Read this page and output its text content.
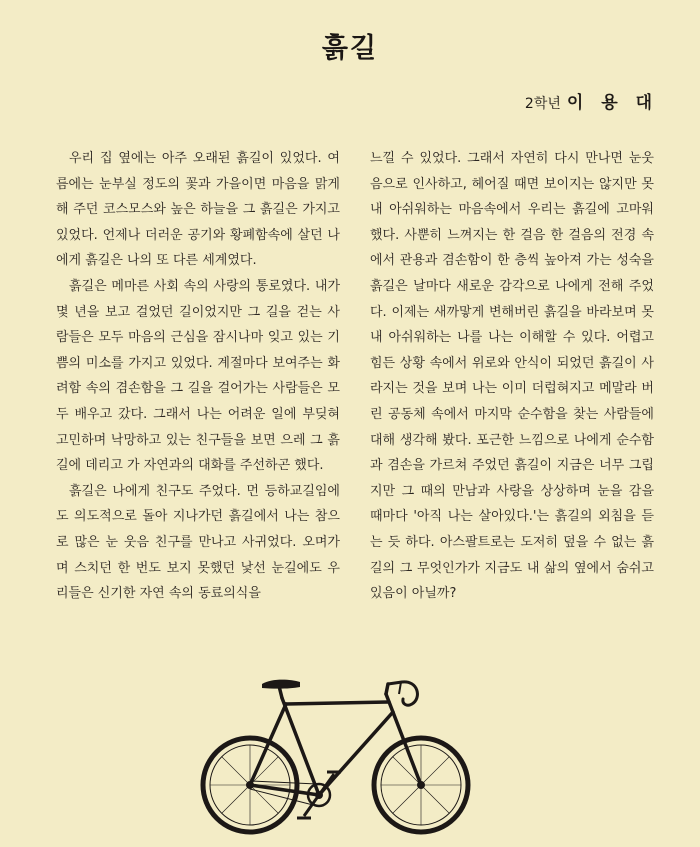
흙길
2학년 이 용 대

우리 집 옆에는 아주 오래된 흙길이 있었다. 여름에는 눈부실 정도의 꽃과 가을이면 마음을 맑게 해 주던 코스모스와 높은 하늘을 그 흙길은 가지고 있었다. 언제나 더러운 공기와 황폐함속에 살던 나에게 흙길은 나의 또 다른 세계였다.

흙길은 메마른 사회 속의 사랑의 통로였다. 내가 몇 년을 보고 걸었던 길이었지만 그 길을 걷는 사람들은 모두 마음의 근심을 잠시나마 잊고 있는 기쁨의 미소를 가지고 있었다. 계절마다 보여주는 화려함 속의 겸손함을 그 길을 걸어가는 사람들은 모두 배우고 갔다. 그래서 나는 어려운 일에 부딪혀 고민하며 낙망하고 있는 친구들을 보면 으레 그 흙길에 데리고 가 자연과의 대화를 주선하곤 했다.

흙길은 나에게 친구도 주었다. 먼 등하교길임에도 의도적으로 돌아 지나가던 흙길에서 나는 참으로 많은 눈 웃음 친구를 만나고 사귀었다. 오며가며 스치던 한 번도 보지 못했던 낯선 눈길에도 우리들은 신기한 자연 속의 동료의식을

느낄 수 있었다. 그래서 자연히 다시 만나면 눈웃음으로 인사하고, 헤어질 때면 보이지는 않지만 못내 아쉬워하는 마음속에서 우리는 흙길에 고마워했다. 사뿐히 느껴지는 한 걸음 한 걸음의 전경 속에서 관용과 겸손함이 한 층씩 높아져 가는 성숙을 흙길은 날마다 새로운 감각으로 나에게 전해 주었다. 이제는 새까맣게 변해버린 흙길을 바라보며 못내 아쉬워하는 나를 나는 이해할 수 있다. 어렵고 힘든 상황 속에서 위로와 안식이 되었던 흙길이 사라지는 것을 보며 나는 이미 더럽혀지고 메말라 버린 공동체 속에서 마지막 순수함을 찾는 사람들에 대해 생각해 봤다. 포근한 느낌으로 나에게 순수함과 겸손을 가르쳐 주었던 흙길이 지금은 너무 그립지만 그 때의 만남과 사랑을 상상하며 눈을 감을 때마다 '아직 나는 살아있다.'는 흙길의 외침을 듣는 듯 하다. 아스팔트로는 도저히 덮을 수 없는 흙길의 그 무엇인가가 지금도 내 삶의 옆에서 숨쉬고 있음이 아닐까?
